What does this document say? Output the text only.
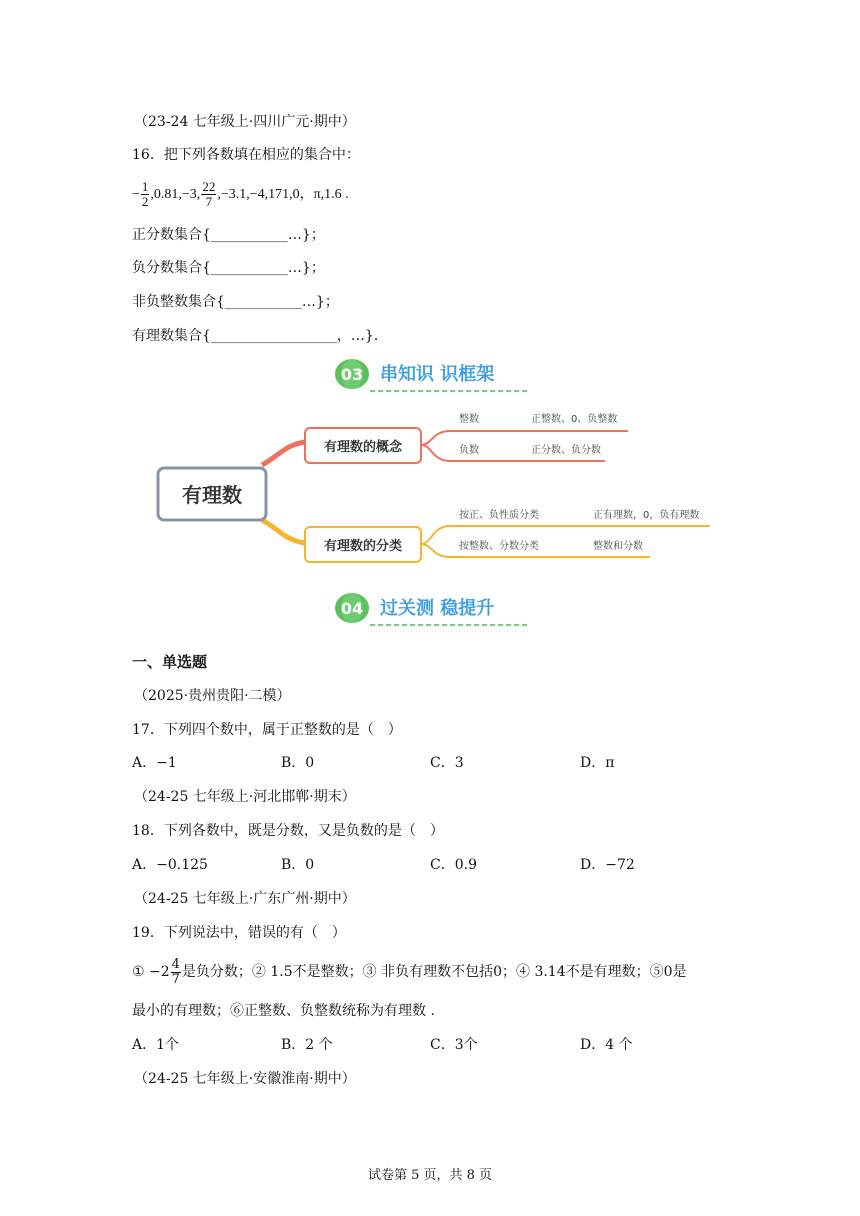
（23-24 七年级上·四川广元·期中）
16．把下列各数填在相应的集合中：
− $\frac{1}{2} ,0.81,-3$, $\frac{22}{7} ,-3.1,-4,171,0$，π,1.6 .
正分数集合{___________…}；
负分数集合{___________…}；
非负整数集合{___________…}；
有理数集合{__________________，…}．
03 串知识 识框架
有理数
有理数的概念
整数	正整数、0、负整数
负数	正分数、负分数
有理数的分类
按正、负性质分类	正有理数，0，负有理数
按整数、分数分类	整数和分数
04 过关测 稳提升
一、单选题
（2025·贵州贵阳·二模）
17．下列四个数中，属于正整数的是（　）
A．−1	B．0	C．3	D．π
（24-25 七年级上·河北邯郸·期末）
18．下列各数中，既是分数，又是负数的是（　）
A．−0.125	B．0	C．0.9	D．−72
（24-25 七年级上·广东广州·期中）
19．下列说法中，错误的有（　）
① $-2 \frac{4}{7}$ 是负分数；② 1.5不是整数；③ 非负有理数不包括0；④ 3.14不是有理数；⑤0是
最小的有理数；⑥正整数、负整数统称为有理数 .
A．1个	B．2 个	C．3个	D．4 个
（24-25 七年级上·安徽淮南·期中）
试卷第 5 页，共 8 页
